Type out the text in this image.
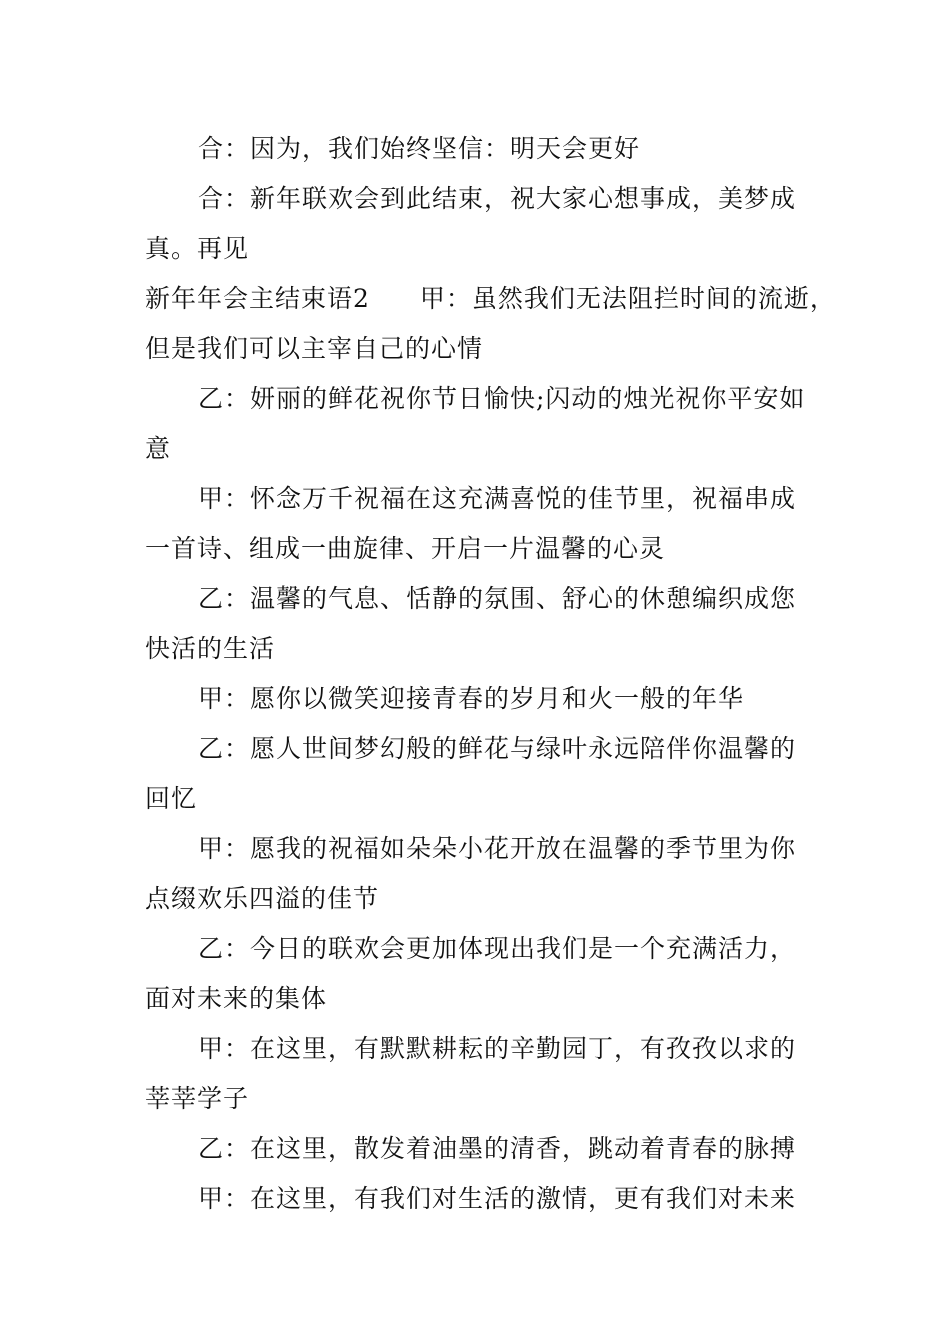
合：因为，我们始终坚信：明天会更好
合：新年联欢会到此结束，祝大家心想事成，美梦成
真。再见
新年年会主结束语2 甲：虽然我们无法阻拦时间的流逝，
但是我们可以主宰自己的心情
乙：妍丽的鲜花祝你节日愉快;闪动的烛光祝你平安如
意
甲：怀念万千祝福在这充满喜悦的佳节里，祝福串成
一首诗、组成一曲旋律、开启一片温馨的心灵
乙：温馨的气息、恬静的氛围、舒心的休憩编织成您
快活的生活
甲：愿你以微笑迎接青春的岁月和火一般的年华
乙：愿人世间梦幻般的鲜花与绿叶永远陪伴你温馨的
回忆
甲：愿我的祝福如朵朵小花开放在温馨的季节里为你
点缀欢乐四溢的佳节
乙：今日的联欢会更加体现出我们是一个充满活力，
面对未来的集体
甲：在这里，有默默耕耘的辛勤园丁，有孜孜以求的
莘莘学子
乙：在这里，散发着油墨的清香，跳动着青春的脉搏
甲：在这里，有我们对生活的激情，更有我们对未来
